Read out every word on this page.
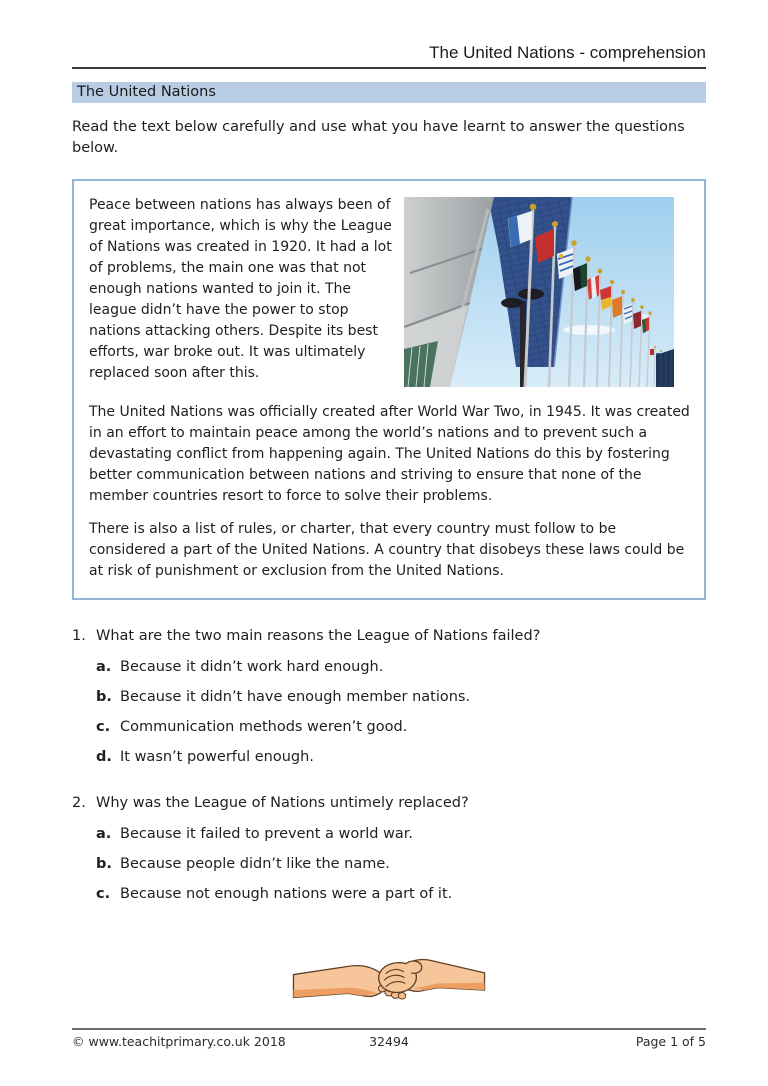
The United Nations - comprehension
The United Nations

Read the text below carefully and use what you have learnt to answer the questions below.

Peace between nations has always been of great importance, which is why the League of Nations was created in 1920. It had a lot of problems, the main one was that not enough nations wanted to join it. The league didn’t have the power to stop nations attacking others. Despite its best efforts, war broke out. It was ultimately replaced soon after this.

The United Nations was officially created after World War Two, in 1945. It was created in an effort to maintain peace among the world’s nations and to prevent such a devastating conflict from happening again. The United Nations do this by fostering better communication between nations and striving to ensure that none of the member countries resort to force to solve their problems.

There is also a list of rules, or charter, that every country must follow to be considered a part of the United Nations. A country that disobeys these laws could be at risk of punishment or exclusion from the United Nations.

1. What are the two main reasons the League of Nations failed?
a. Because it didn’t work hard enough.
b. Because it didn’t have enough member nations.
c. Communication methods weren’t good.
d. It wasn’t powerful enough.
2. Why was the League of Nations untimely replaced?
a. Because it failed to prevent a world war.
b. Because people didn’t like the name.
c. Because not enough nations were a part of it.
© www.teachitprimary.co.uk 2018	32494	Page 1 of 5
